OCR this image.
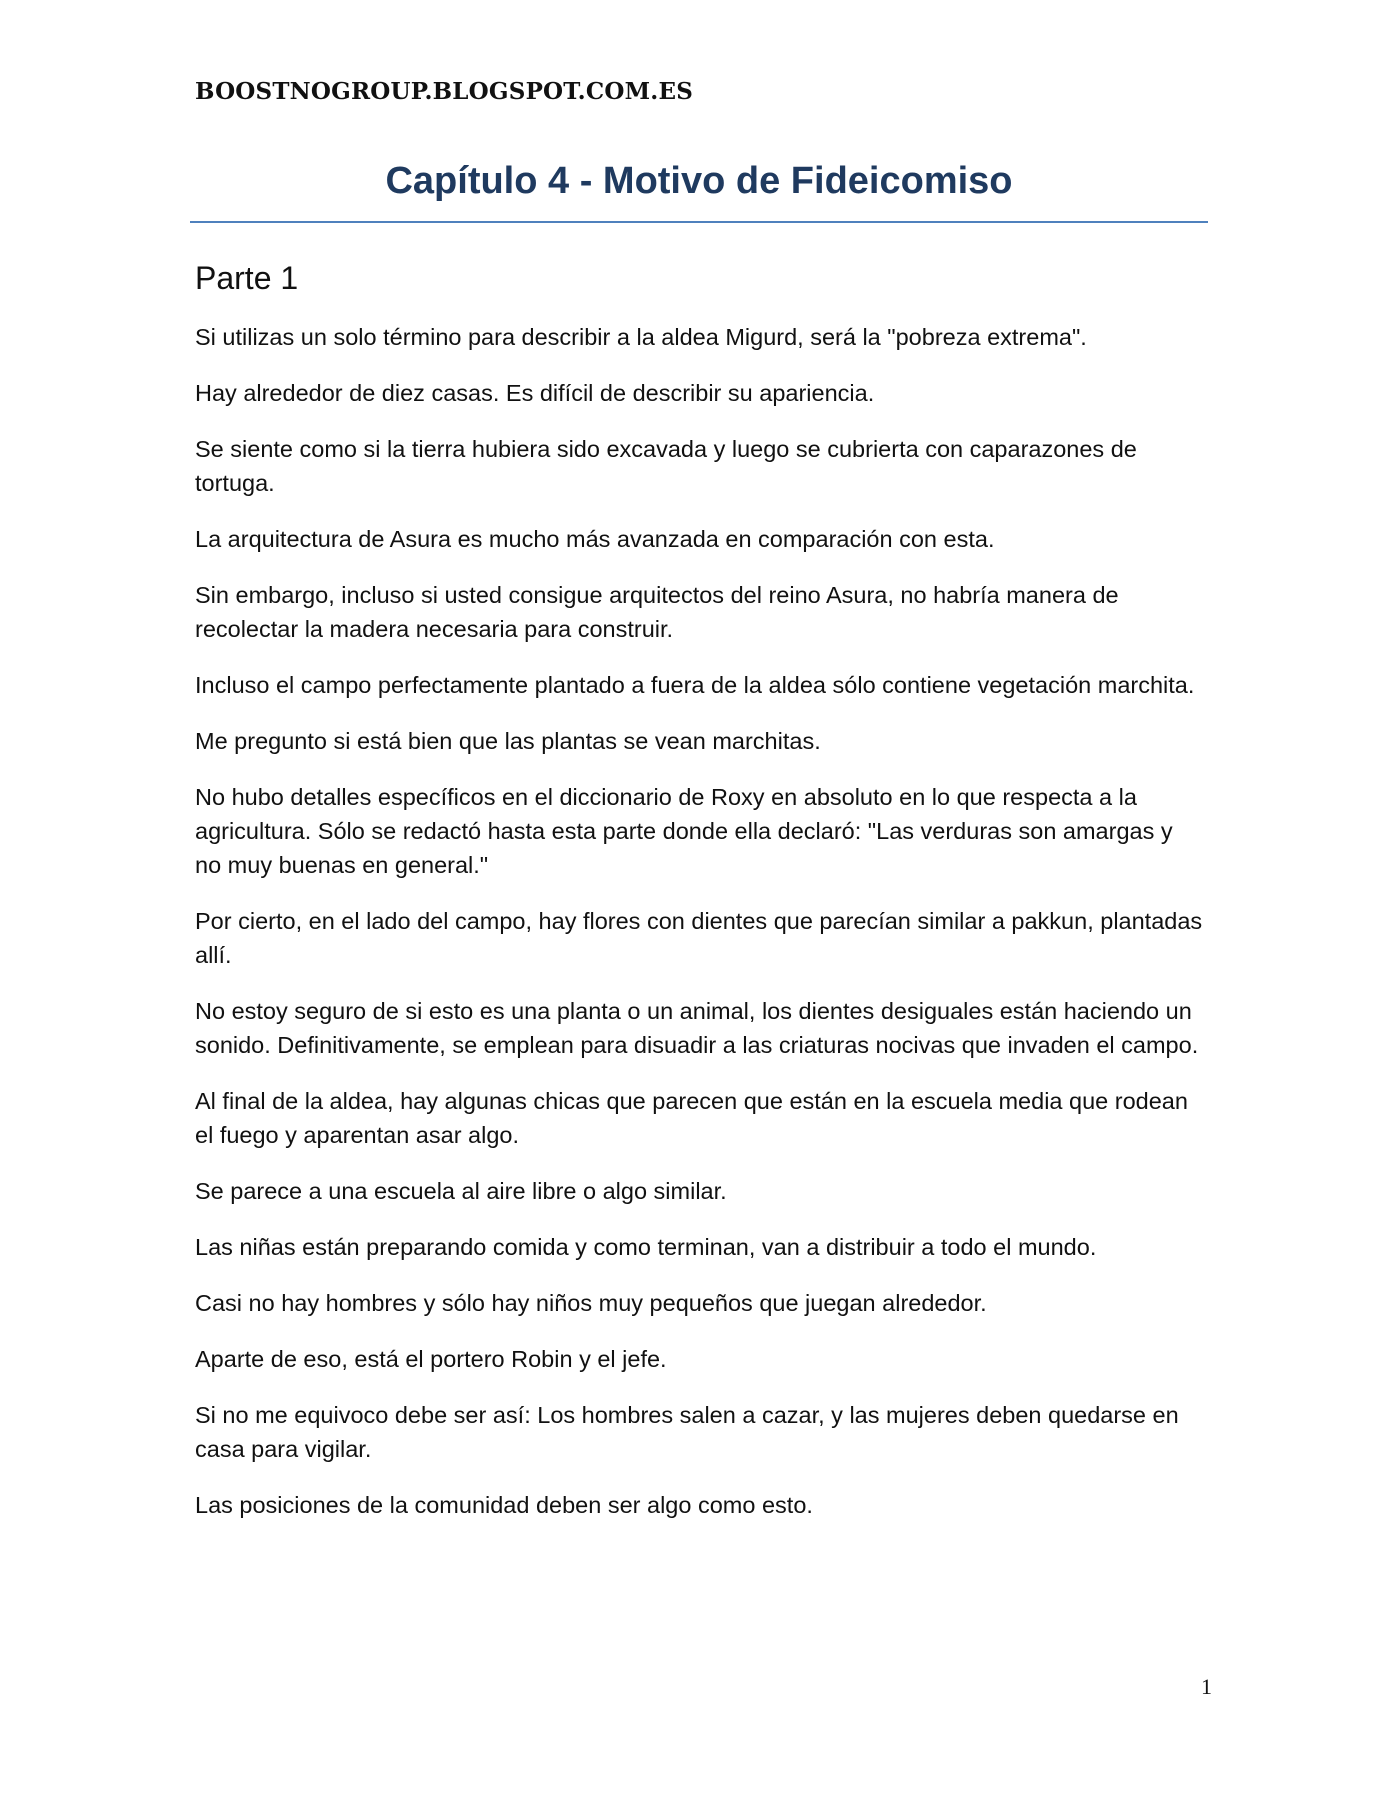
BOOSTNOGROUP.BLOGSPOT.COM.ES
Capítulo 4 - Motivo de Fideicomiso
Parte 1

Si utilizas un solo término para describir a la aldea Migurd, será la "pobreza extrema".

Hay alrededor de diez casas. Es difícil de describir su apariencia.

Se siente como si la tierra hubiera sido excavada y luego se cubrierta con caparazones de tortuga.

La arquitectura de Asura es mucho más avanzada en comparación con esta.

Sin embargo, incluso si usted consigue arquitectos del reino Asura, no habría manera de recolectar la madera necesaria para construir.

Incluso el campo perfectamente plantado a fuera de la aldea sólo contiene vegetación marchita.

Me pregunto si está bien que las plantas se vean marchitas.

No hubo detalles específicos en el diccionario de Roxy en absoluto en lo que respecta a la agricultura. Sólo se redactó hasta esta parte donde ella declaró: "Las verduras son amargas y no muy buenas en general."

Por cierto, en el lado del campo, hay flores con dientes que parecían similar a pakkun, plantadas allí.

No estoy seguro de si esto es una planta o un animal, los dientes desiguales están haciendo un sonido. Definitivamente, se emplean para disuadir a las criaturas nocivas que invaden el campo.

Al final de la aldea, hay algunas chicas que parecen que están en la escuela media que rodean el fuego y aparentan asar algo.

Se parece a una escuela al aire libre o algo similar.

Las niñas están preparando comida y como terminan, van a distribuir a todo el mundo.

Casi no hay hombres y sólo hay niños muy pequeños que juegan alrededor.

Aparte de eso, está el portero Robin y el jefe.

Si no me equivoco debe ser así: Los hombres salen a cazar, y las mujeres deben quedarse en casa para vigilar.

Las posiciones de la comunidad deben ser algo como esto.

1
